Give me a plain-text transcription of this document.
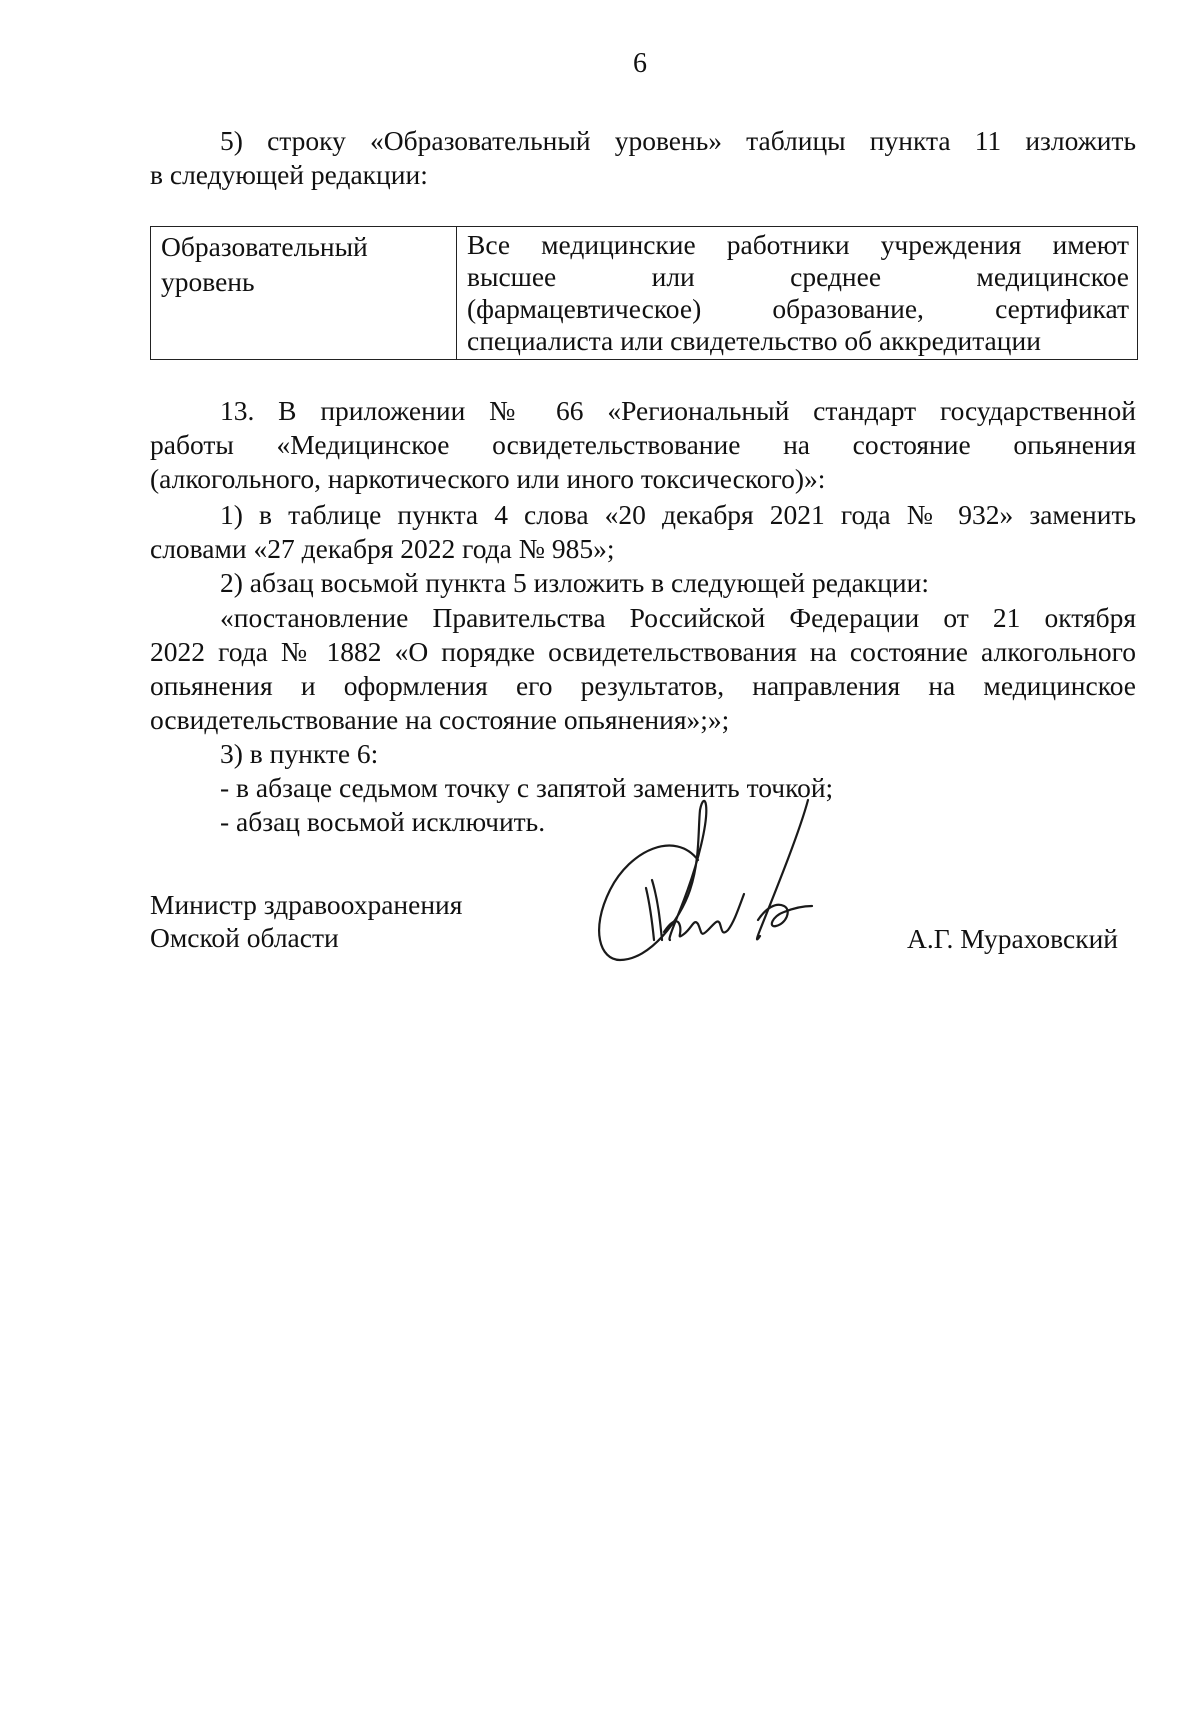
6
5) строку «Образовательный уровень» таблицы пункта 11 изложить
в следующей редакции:
Образовательный
уровень
Все медицинские работники учреждения имеют
высшее или среднее медицинское
(фармацевтическое) образование, сертификат
специалиста или свидетельство об аккредитации
13. В приложении № 66 «Региональный стандарт государственной
работы «Медицинское освидетельствование на состояние опьянения
(алкогольного, наркотического или иного токсического)»:
1) в таблице пункта 4 слова «20 декабря 2021 года № 932» заменить
словами «27 декабря 2022 года № 985»;
2) абзац восьмой пункта 5 изложить в следующей редакции:
«постановление Правительства Российской Федерации от 21 октября
2022 года № 1882 «О порядке освидетельствования на состояние алкогольного
опьянения и оформления его результатов, направления на медицинское
освидетельствование на состояние опьянения»;»;
3) в пункте 6:
- в абзаце седьмом точку с запятой заменить точкой;
- абзац восьмой исключить.
Министр здравоохранения
Омской области	А.Г. Мураховский
